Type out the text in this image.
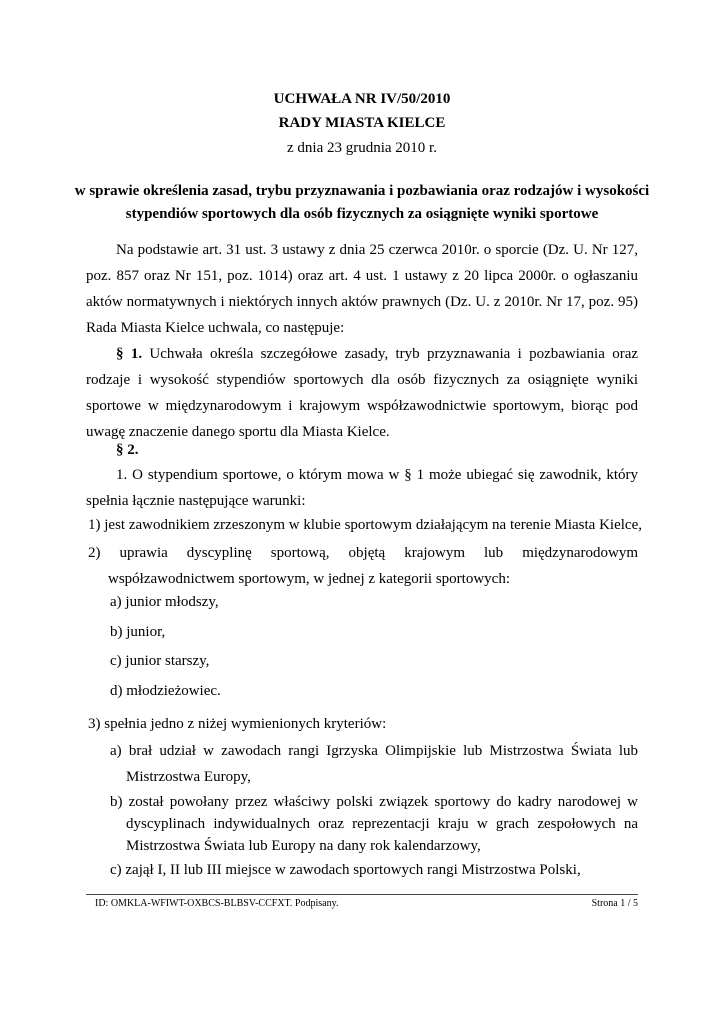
UCHWAŁA NR IV/50/2010
RADY MIASTA KIELCE
z dnia 23 grudnia 2010 r.
w sprawie określenia zasad, trybu przyznawania i pozbawiania oraz rodzajów i wysokości
stypendiów sportowych dla osób fizycznych za osiągnięte wyniki sportowe
Na podstawie art. 31 ust. 3 ustawy z dnia 25 czerwca 2010r. o sporcie (Dz. U. Nr 127, poz. 857 oraz Nr 151, poz. 1014) oraz art. 4 ust. 1 ustawy z 20 lipca 2000r. o ogłaszaniu aktów normatywnych i niektórych innych aktów prawnych (Dz. U. z 2010r. Nr 17, poz. 95) Rada Miasta Kielce uchwala, co następuje:
§ 1. Uchwała określa szczegółowe zasady, tryb przyznawania i pozbawiania oraz rodzaje i wysokość stypendiów sportowych dla osób fizycznych za osiągnięte wyniki sportowe w międzynarodowym i krajowym współzawodnictwie sportowym, biorąc pod uwagę znaczenie danego sportu dla Miasta Kielce.
§ 2.
1. O stypendium sportowe, o którym mowa w § 1 może ubiegać się zawodnik, który spełnia łącznie następujące warunki:
1) jest zawodnikiem zrzeszonym w klubie sportowym działającym na terenie Miasta Kielce,
2) uprawia dyscyplinę sportową, objętą krajowym lub międzynarodowym współzawodnictwem sportowym, w jednej z kategorii sportowych:
a) junior młodszy,
b) junior,
c) junior starszy,
d) młodzieżowiec.
3) spełnia jedno z niżej wymienionych kryteriów:
a) brał udział w zawodach rangi Igrzyska Olimpijskie lub Mistrzostwa Świata lub Mistrzostwa Europy,
b) został powołany przez właściwy polski związek sportowy do kadry narodowej w dyscyplinach indywidualnych oraz reprezentacji kraju w grach zespołowych na Mistrzostwa Świata lub Europy na dany rok kalendarzowy,
c) zajął I, II lub III miejsce w zawodach sportowych rangi Mistrzostwa Polski,
ID: OMKLA-WFIWT-OXBCS-BLBSV-CCFXT. Podpisany.	Strona 1 / 5
